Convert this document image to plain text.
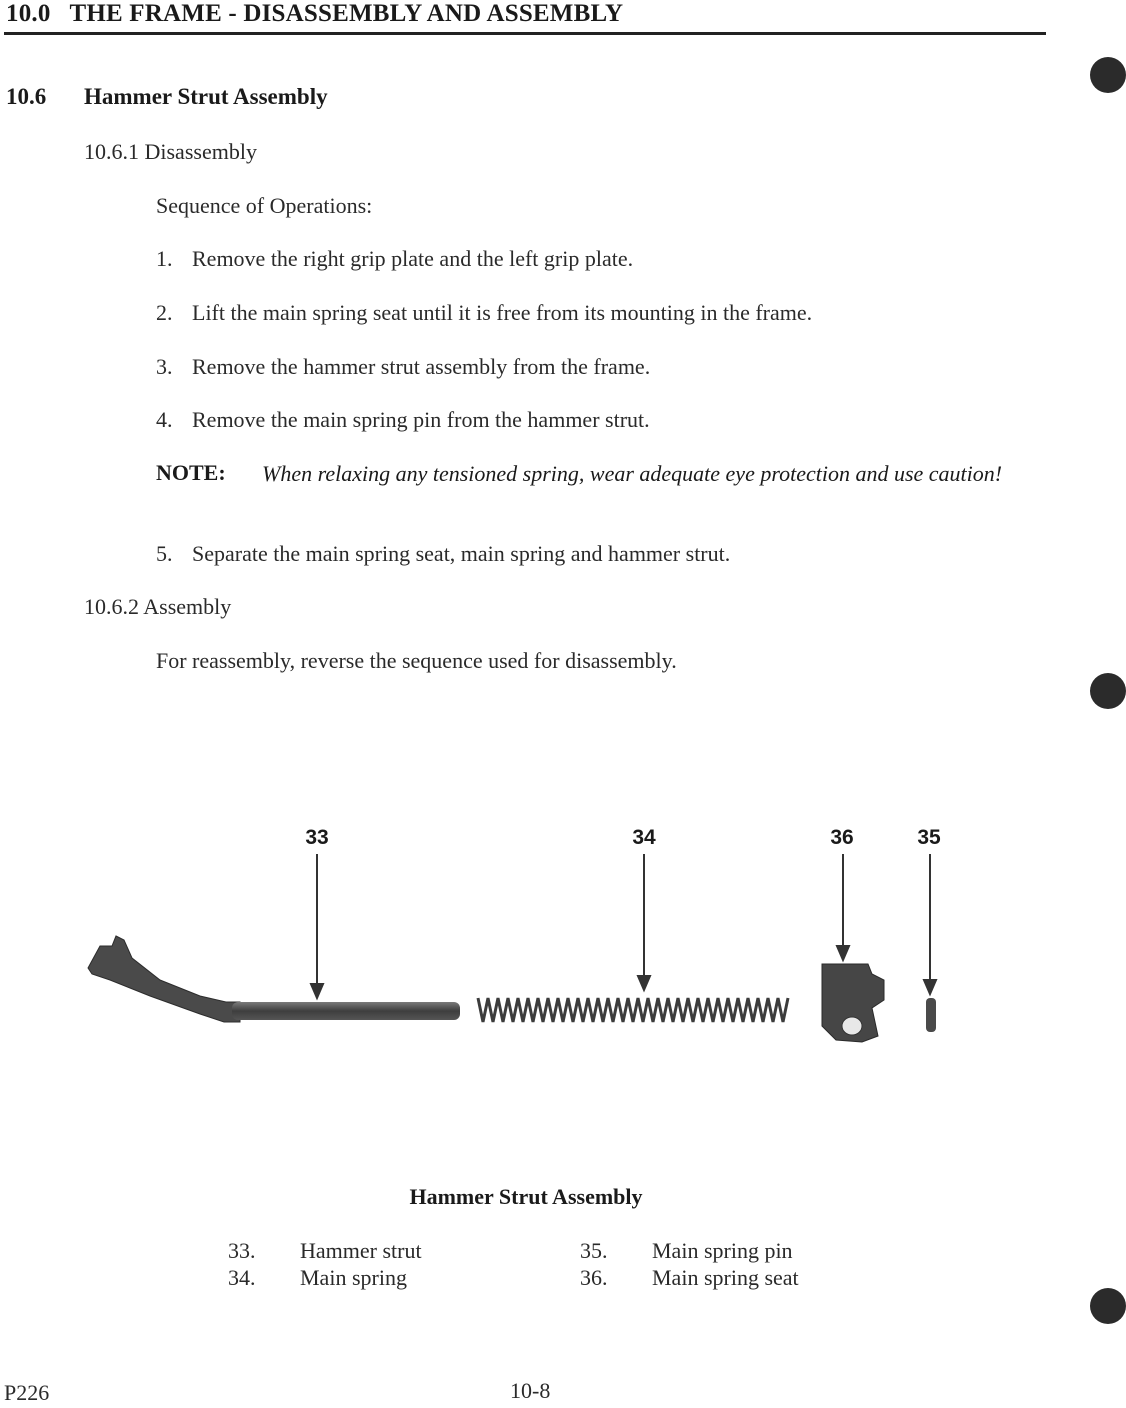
10.0   THE FRAME - DISASSEMBLY AND ASSEMBLY
10.6 Hammer Strut Assembly
10.6.1 Disassembly
Sequence of Operations:
1. Remove the right grip plate and the left grip plate.
2. Lift the main spring seat until it is free from its mounting in the frame.
3. Remove the hammer strut assembly from the frame.
4. Remove the main spring pin from the hammer strut.
NOTE: When relaxing any tensioned spring, wear adequate eye protection and use caution!
5. Separate the main spring seat, main spring and hammer strut.
10.6.2 Assembly
For reassembly, reverse the sequence used for disassembly.
33	34	36	35
Hammer Strut Assembly
33. Hammer strut
34. Main spring
35. Main spring pin
36. Main spring seat
P226	10-8
